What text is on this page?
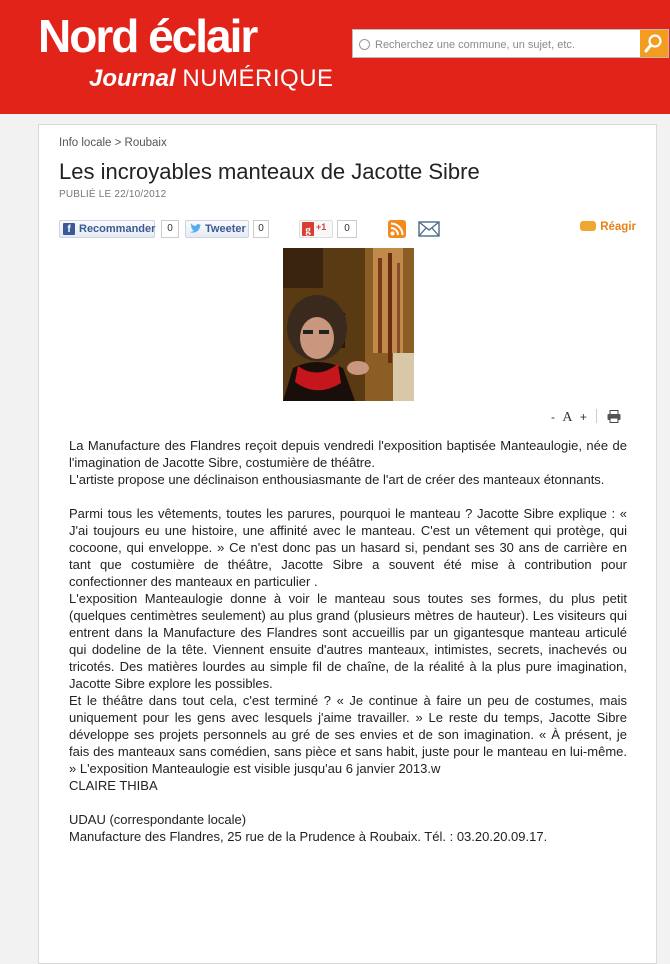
Nord éclair
Journal NUMÉRIQUE
Recherchez une commune, un sujet, etc.
Info locale > Roubaix
Les incroyables manteaux de Jacotte Sibre
PUBLIÉ LE 22/10/2012
f Recommander	0	Tweeter	0	g +1	0	Réagir
- A +

La Manufacture des Flandres reçoit depuis vendredi l'exposition baptisée Manteaulogie, née de l'imagination de Jacotte Sibre, costumière de théâtre.

L'artiste propose une déclinaison enthousiasmante de l'art de créer des manteaux étonnants.

Parmi tous les vêtements, toutes les parures, pourquoi le manteau ? Jacotte Sibre explique : « J'ai toujours eu une histoire, une affinité avec le manteau. C'est un vêtement qui protège, qui cocoone, qui enveloppe. » Ce n'est donc pas un hasard si, pendant ses 30 ans de carrière en tant que costumière de théâtre, Jacotte Sibre a souvent été mise à contribution pour confectionner des manteaux en particulier .

L'exposition Manteaulogie donne à voir le manteau sous toutes ses formes, du plus petit (quelques centimètres seulement) au plus grand (plusieurs mètres de hauteur). Les visiteurs qui entrent dans la Manufacture des Flandres sont accueillis par un gigantesque manteau articulé qui dodeline de la tête. Viennent ensuite d'autres manteaux, intimistes, secrets, inachevés ou tricotés. Des matières lourdes au simple fil de chaîne, de la réalité à la plus pure imagination, Jacotte Sibre explore les possibles.

Et le théâtre dans tout cela, c'est terminé ? « Je continue à faire un peu de costumes, mais uniquement pour les gens avec lesquels j'aime travailler. » Le reste du temps, Jacotte Sibre développe ses projets personnels au gré de ses envies et de son imagination. « À présent, je fais des manteaux sans comédien, sans pièce et sans habit, juste pour le manteau en lui-même. » L'exposition Manteaulogie est visible jusqu'au 6 janvier 2013.w

CLAIRE THIBA

UDAU (correspondante locale)

Manufacture des Flandres, 25 rue de la Prudence à Roubaix. Tél. : 03.20.20.09.17.
